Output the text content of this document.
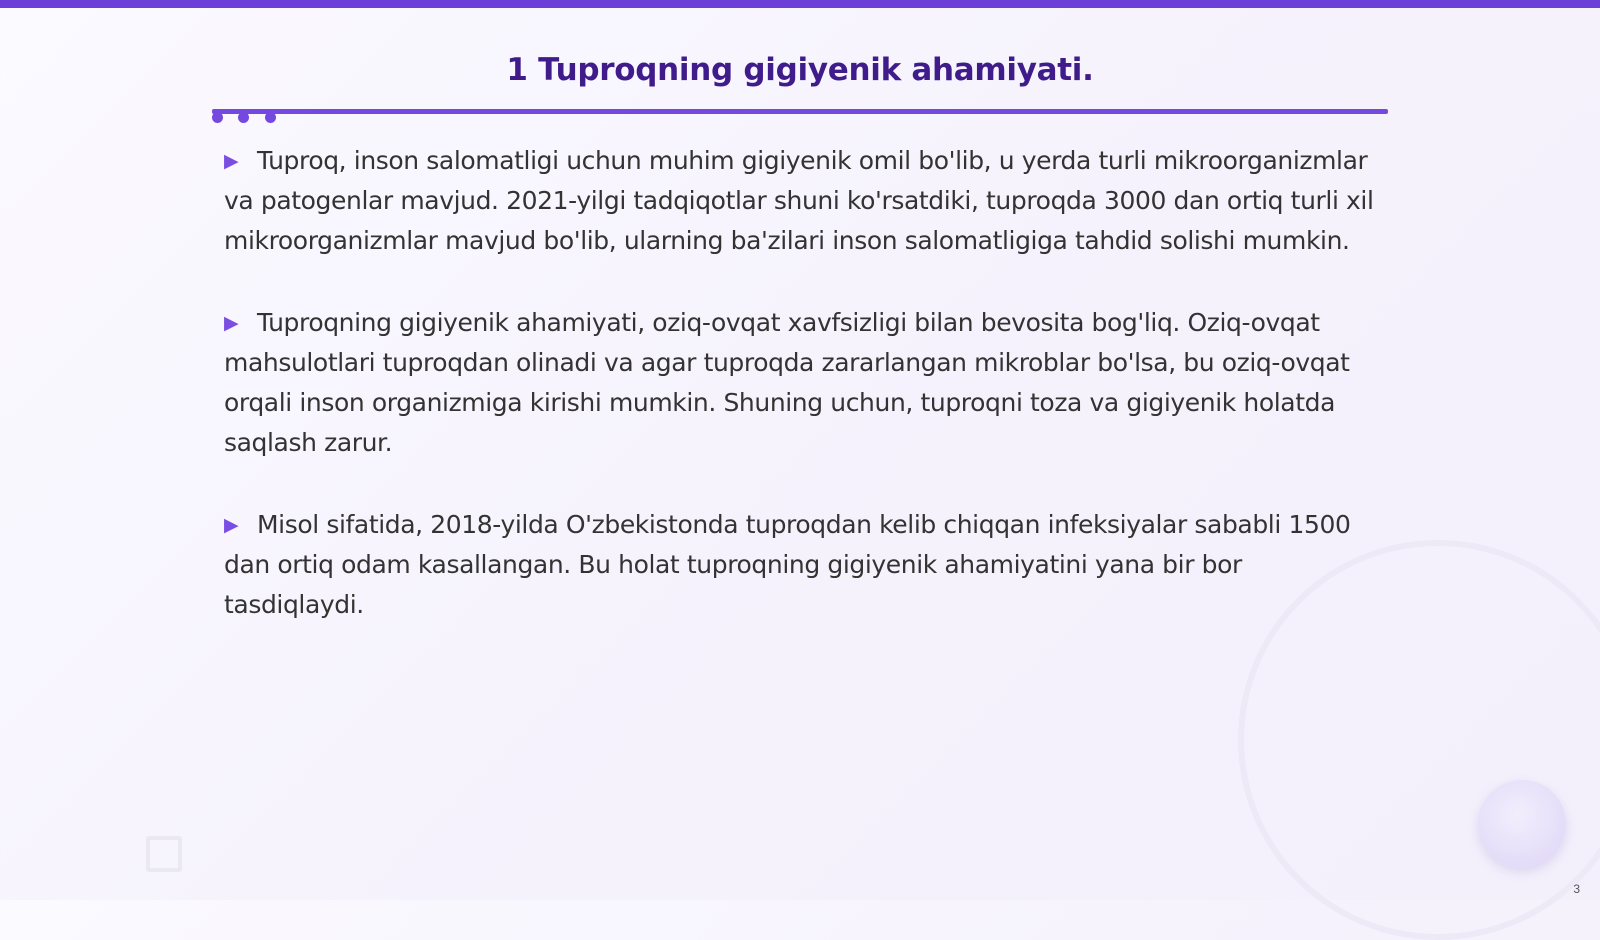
1 Tuproqning gigiyenik ahamiyati.

▶ Tuproq, inson salomatligi uchun muhim gigiyenik omil bo'lib, u yerda turli mikroorganizmlar va patogenlar mavjud. 2021-yilgi tadqiqotlar shuni ko'rsatdiki, tuproqda 3000 dan ortiq turli xil mikroorganizmlar mavjud bo'lib, ularning ba'zilari inson salomatligiga tahdid solishi mumkin.

▶ Tuproqning gigiyenik ahamiyati, oziq-ovqat xavfsizligi bilan bevosita bog'liq. Oziq-ovqat mahsulotlari tuproqdan olinadi va agar tuproqda zararlangan mikroblar bo'lsa, bu oziq-ovqat orqali inson organizmiga kirishi mumkin. Shuning uchun, tuproqni toza va gigiyenik holatda saqlash zarur.

▶ Misol sifatida, 2018-yilda O'zbekistonda tuproqdan kelib chiqqan infeksiyalar sababli 1500 dan ortiq odam kasallangan. Bu holat tuproqning gigiyenik ahamiyatini yana bir bor tasdiqlaydi.

3
